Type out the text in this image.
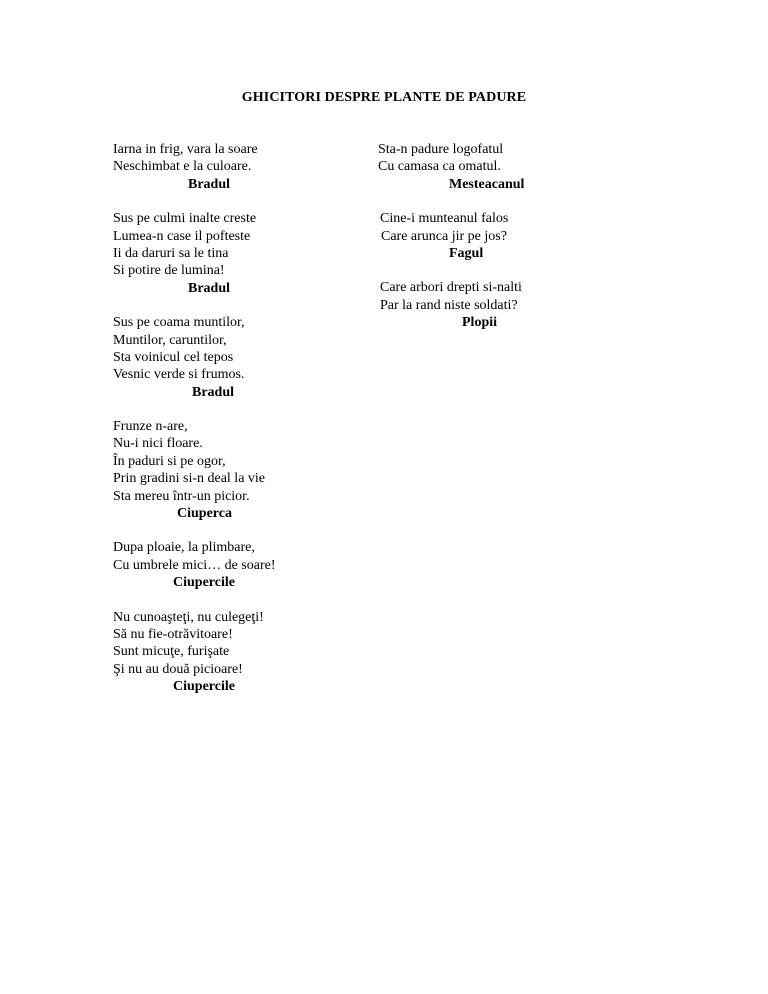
GHICITORI DESPRE PLANTE DE PADURE
Iarna in frig, vara la soare
Neschimbat e la culoare.
Bradul
Sus pe culmi inalte creste
Lumea-n case il pofteste
Ii da daruri sa le tina
Si potire de lumina!
Bradul
Sus pe coama muntilor,
Muntilor, caruntilor,
Sta voinicul cel tepos
Vesnic verde si frumos.
Bradul
Frunze n-are,
Nu-i nici floare.
În paduri si pe ogor,
Prin gradini si-n deal la vie
Sta mereu într-un picior.
Ciuperca
Dupa ploaie, la plimbare,
Cu umbrele mici… de soare!
Ciupercile
Nu cunoaşteţi, nu culegeţi!
Să nu fie-otrăvitoare!
Sunt micuţe, furişate
Şi nu au două picioare!
Ciupercile
Sta-n padure logofatul
Cu camasa ca omatul.
Mesteacanul
Cine-i munteanul falos
Care arunca jir pe jos?
Fagul
Care arbori drepti si-nalti
Par la rand niste soldati?
Plopii
